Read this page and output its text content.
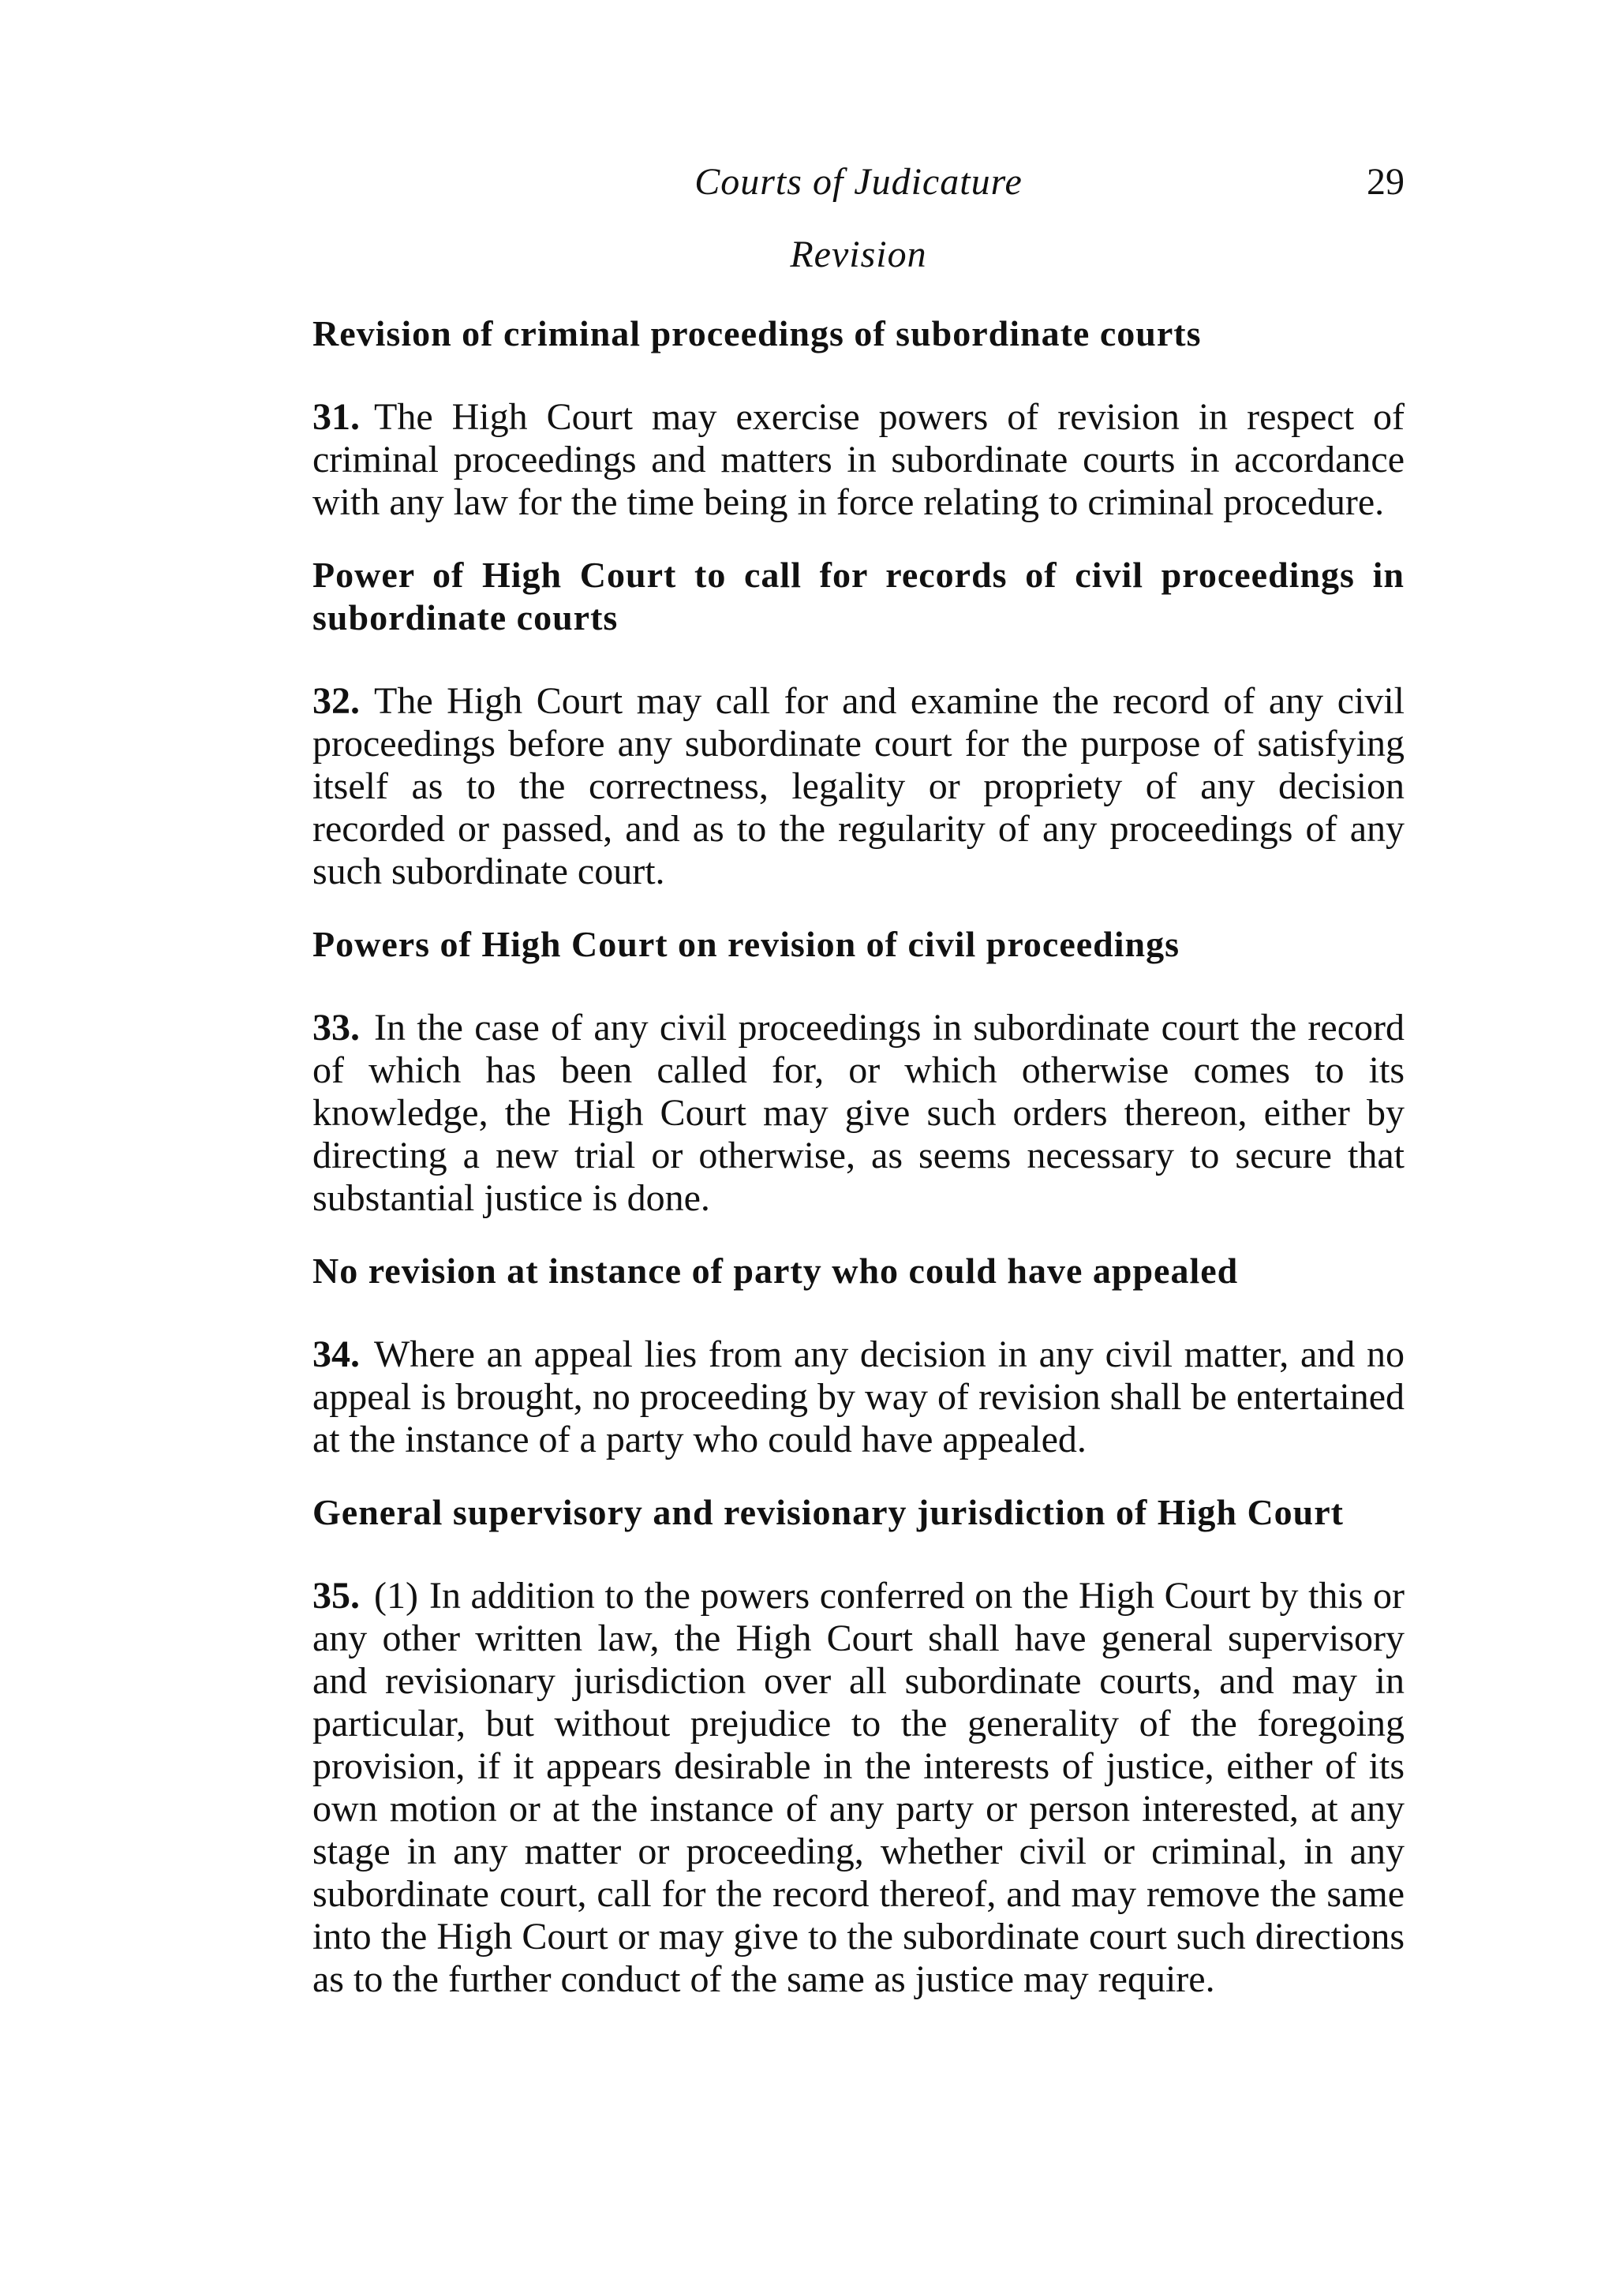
Courts of Judicature	29
Revision
Revision of criminal proceedings of subordinate courts
31. The High Court may exercise powers of revision in respect of criminal proceedings and matters in subordinate courts in accordance with any law for the time being in force relating to criminal procedure.
Power of High Court to call for records of civil proceedings in subordinate courts
32. The High Court may call for and examine the record of any civil proceedings before any subordinate court for the purpose of satisfying itself as to the correctness, legality or propriety of any decision recorded or passed, and as to the regularity of any proceedings of any such subordinate court.
Powers of High Court on revision of civil proceedings
33. In the case of any civil proceedings in subordinate court the record of which has been called for, or which otherwise comes to its knowledge, the High Court may give such orders thereon, either by directing a new trial or otherwise, as seems necessary to secure that substantial justice is done.
No revision at instance of party who could have appealed
34. Where an appeal lies from any decision in any civil matter, and no appeal is brought, no proceeding by way of revision shall be entertained at the instance of a party who could have appealed.
General supervisory and revisionary jurisdiction of High Court
35. (1) In addition to the powers conferred on the High Court by this or any other written law, the High Court shall have general supervisory and revisionary jurisdiction over all subordinate courts, and may in particular, but without prejudice to the generality of the foregoing provision, if it appears desirable in the interests of justice, either of its own motion or at the instance of any party or person interested, at any stage in any matter or proceeding, whether civil or criminal, in any subordinate court, call for the record thereof, and may remove the same into the High Court or may give to the subordinate court such directions as to the further conduct of the same as justice may require.
